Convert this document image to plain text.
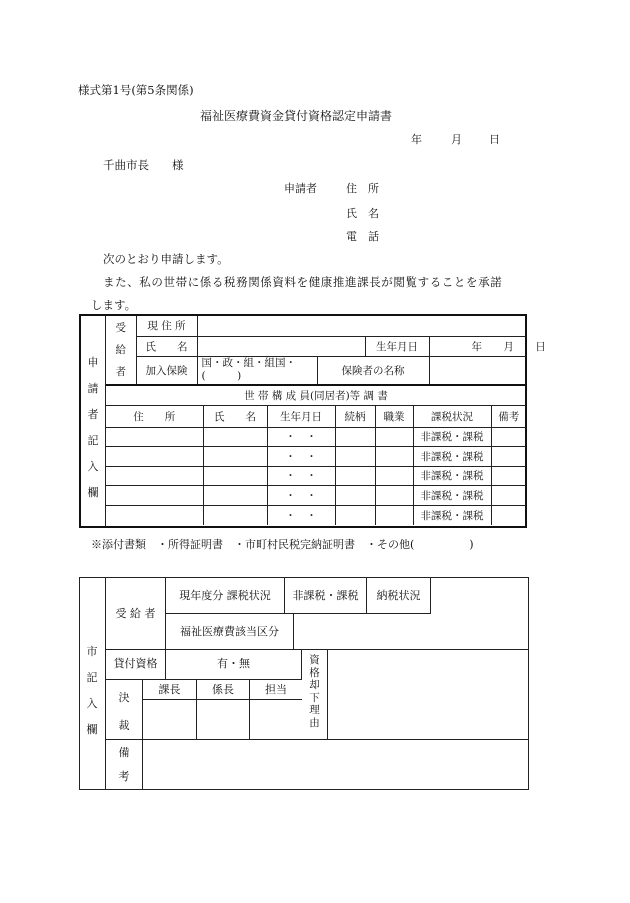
様式第1号(第5条関係)
福祉医療費資金貸付資格認定申請書
年	月 日
千曲市長　　様
申請者	住　所
氏　名
電　話
次のとおり申請します。
また、私の世帯に係る税務関係資料を健康推進課長が閲覧することを承諾
します。
申
請
者
記
入
欄
受
給
者	現 住 所				
	氏　　名			生年月日	年 月 日
	加入保険	国・政・組・組国・
(　　　)	保険者の名称		
世 帯 構 成 員(同居者)等 調 書						
住　　所	氏　　名	生年月日	続柄	職業	課税状況	備考
		・　・			非課税・課税	
		・　・			非課税・課税	
		・　・			非課税・課税	
		・　・			非課税・課税	
		・　・			非課税・課税	
※添付書類　・所得証明書　・市町村民税完納証明書　・その他(　　　　　)
市
記
入
欄
受 給 者
現年度分 課税状況	非課税・課税	納税状況
福祉医療費該当区分
貸付資格	有・無	資
格
却
下
理
由
決
裁
課長	係長	担当
備
考
